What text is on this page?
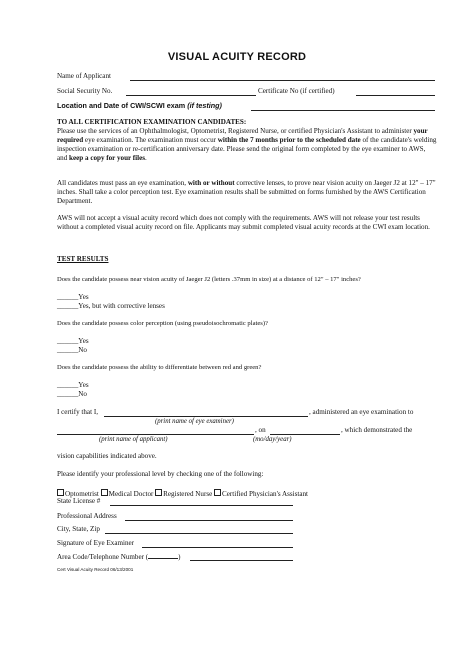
VISUAL ACUITY RECORD
Name of Applicant
Social Security No.	Certificate No (if certified)
Location and Date of CWI/SCWI exam (if testing)
TO ALL CERTIFICATION EXAMINATION CANDIDATES:
Please use the services of an Ophthalmologist, Optometrist, Registered Nurse, or certified Physician's Assistant to administer your required eye examination. The examination must occur within the 7 months prior to the scheduled date of the candidate's welding inspection examination or re-certification anniversary date. Please send the original form completed by the eye examiner to AWS, and keep a copy for your files.
All candidates must pass an eye examination, with or without corrective lenses, to prove near vision acuity on Jaeger J2 at 12" – 17" inches. Shall take a color perception test. Eye examination results shall be submitted on forms furnished by the AWS Certification Department.
AWS will not accept a visual acuity record which does not comply with the requirements. AWS will not release your test results without a completed visual acuity record on file. Applicants may submit completed visual acuity records at the CWI exam location.
TEST RESULTS
Does the candidate possess near vision acuity of Jaeger J2 (letters .37mm in size) at a distance of 12" – 17" inches?
______Yes
______Yes, but with corrective lenses
Does the candidate possess color perception (using pseudoisochromatic plates)?
______Yes
______No
Does the candidate possess the ability to differentiate between red and green?
______Yes
______No
I certify that I,	, administered an eye examination to
(print name of eye examiner)
, on	, which demonstrated the
(print name of applicant)	(mo/day/year)
vision capabilities indicated above.
Please identify your professional level by checking one of the following:
Optometrist Medical Doctor Registered Nurse Certified Physician's Assistant
State License #
Professional Address
City, State, Zip
Signature of Eye Examiner
Area Code/Telephone Number (	)
Cert Visual Acuity Record 06/13/2001
